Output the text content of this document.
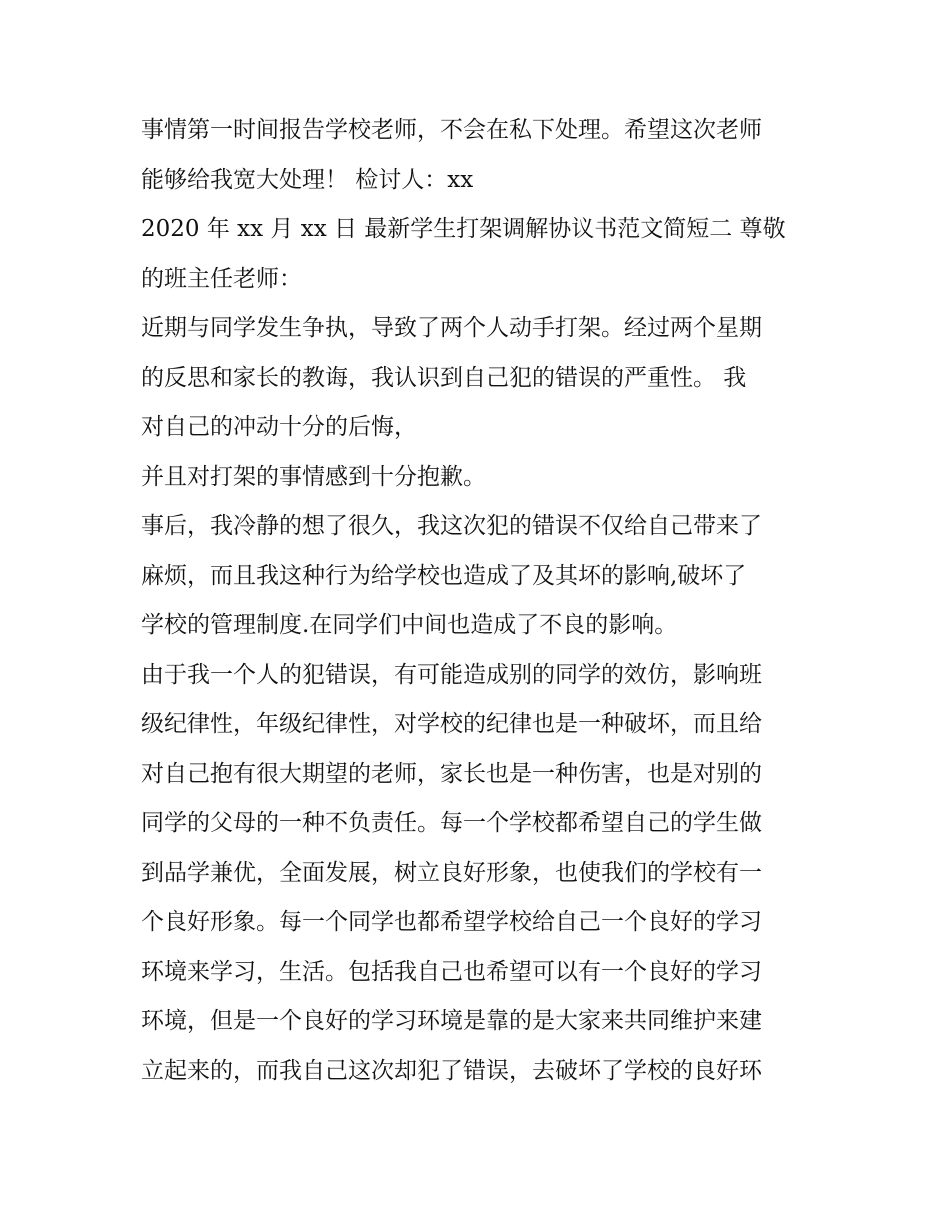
事情第一时间报告学校老师，不会在私下处理。希望这次老师
能够给我宽大处理！ 检讨人：xx
2020 年 xx 月 xx 日 最新学生打架调解协议书范文简短二 尊敬
的班主任老师：
近期与同学发生争执，导致了两个人动手打架。经过两个星期
的反思和家长的教诲，我认识到自己犯的错误的严重性。 我
对自己的冲动十分的后悔，
并且对打架的事情感到十分抱歉。
事后，我冷静的想了很久，我这次犯的错误不仅给自己带来了
麻烦，而且我这种行为给学校也造成了及其坏的影响,破坏了
学校的管理制度.在同学们中间也造成了不良的影响。
由于我一个人的犯错误，有可能造成别的同学的效仿，影响班
级纪律性，年级纪律性，对学校的纪律也是一种破坏，而且给
对自己抱有很大期望的老师，家长也是一种伤害，也是对别的
同学的父母的一种不负责任。每一个学校都希望自己的学生做
到品学兼优，全面发展，树立良好形象，也使我们的学校有一
个良好形象。每一个同学也都希望学校给自己一个良好的学习
环境来学习，生活。包括我自己也希望可以有一个良好的学习
环境，但是一个良好的学习环境是靠的是大家来共同维护来建
立起来的，而我自己这次却犯了错误，去破坏了学校的良好环
